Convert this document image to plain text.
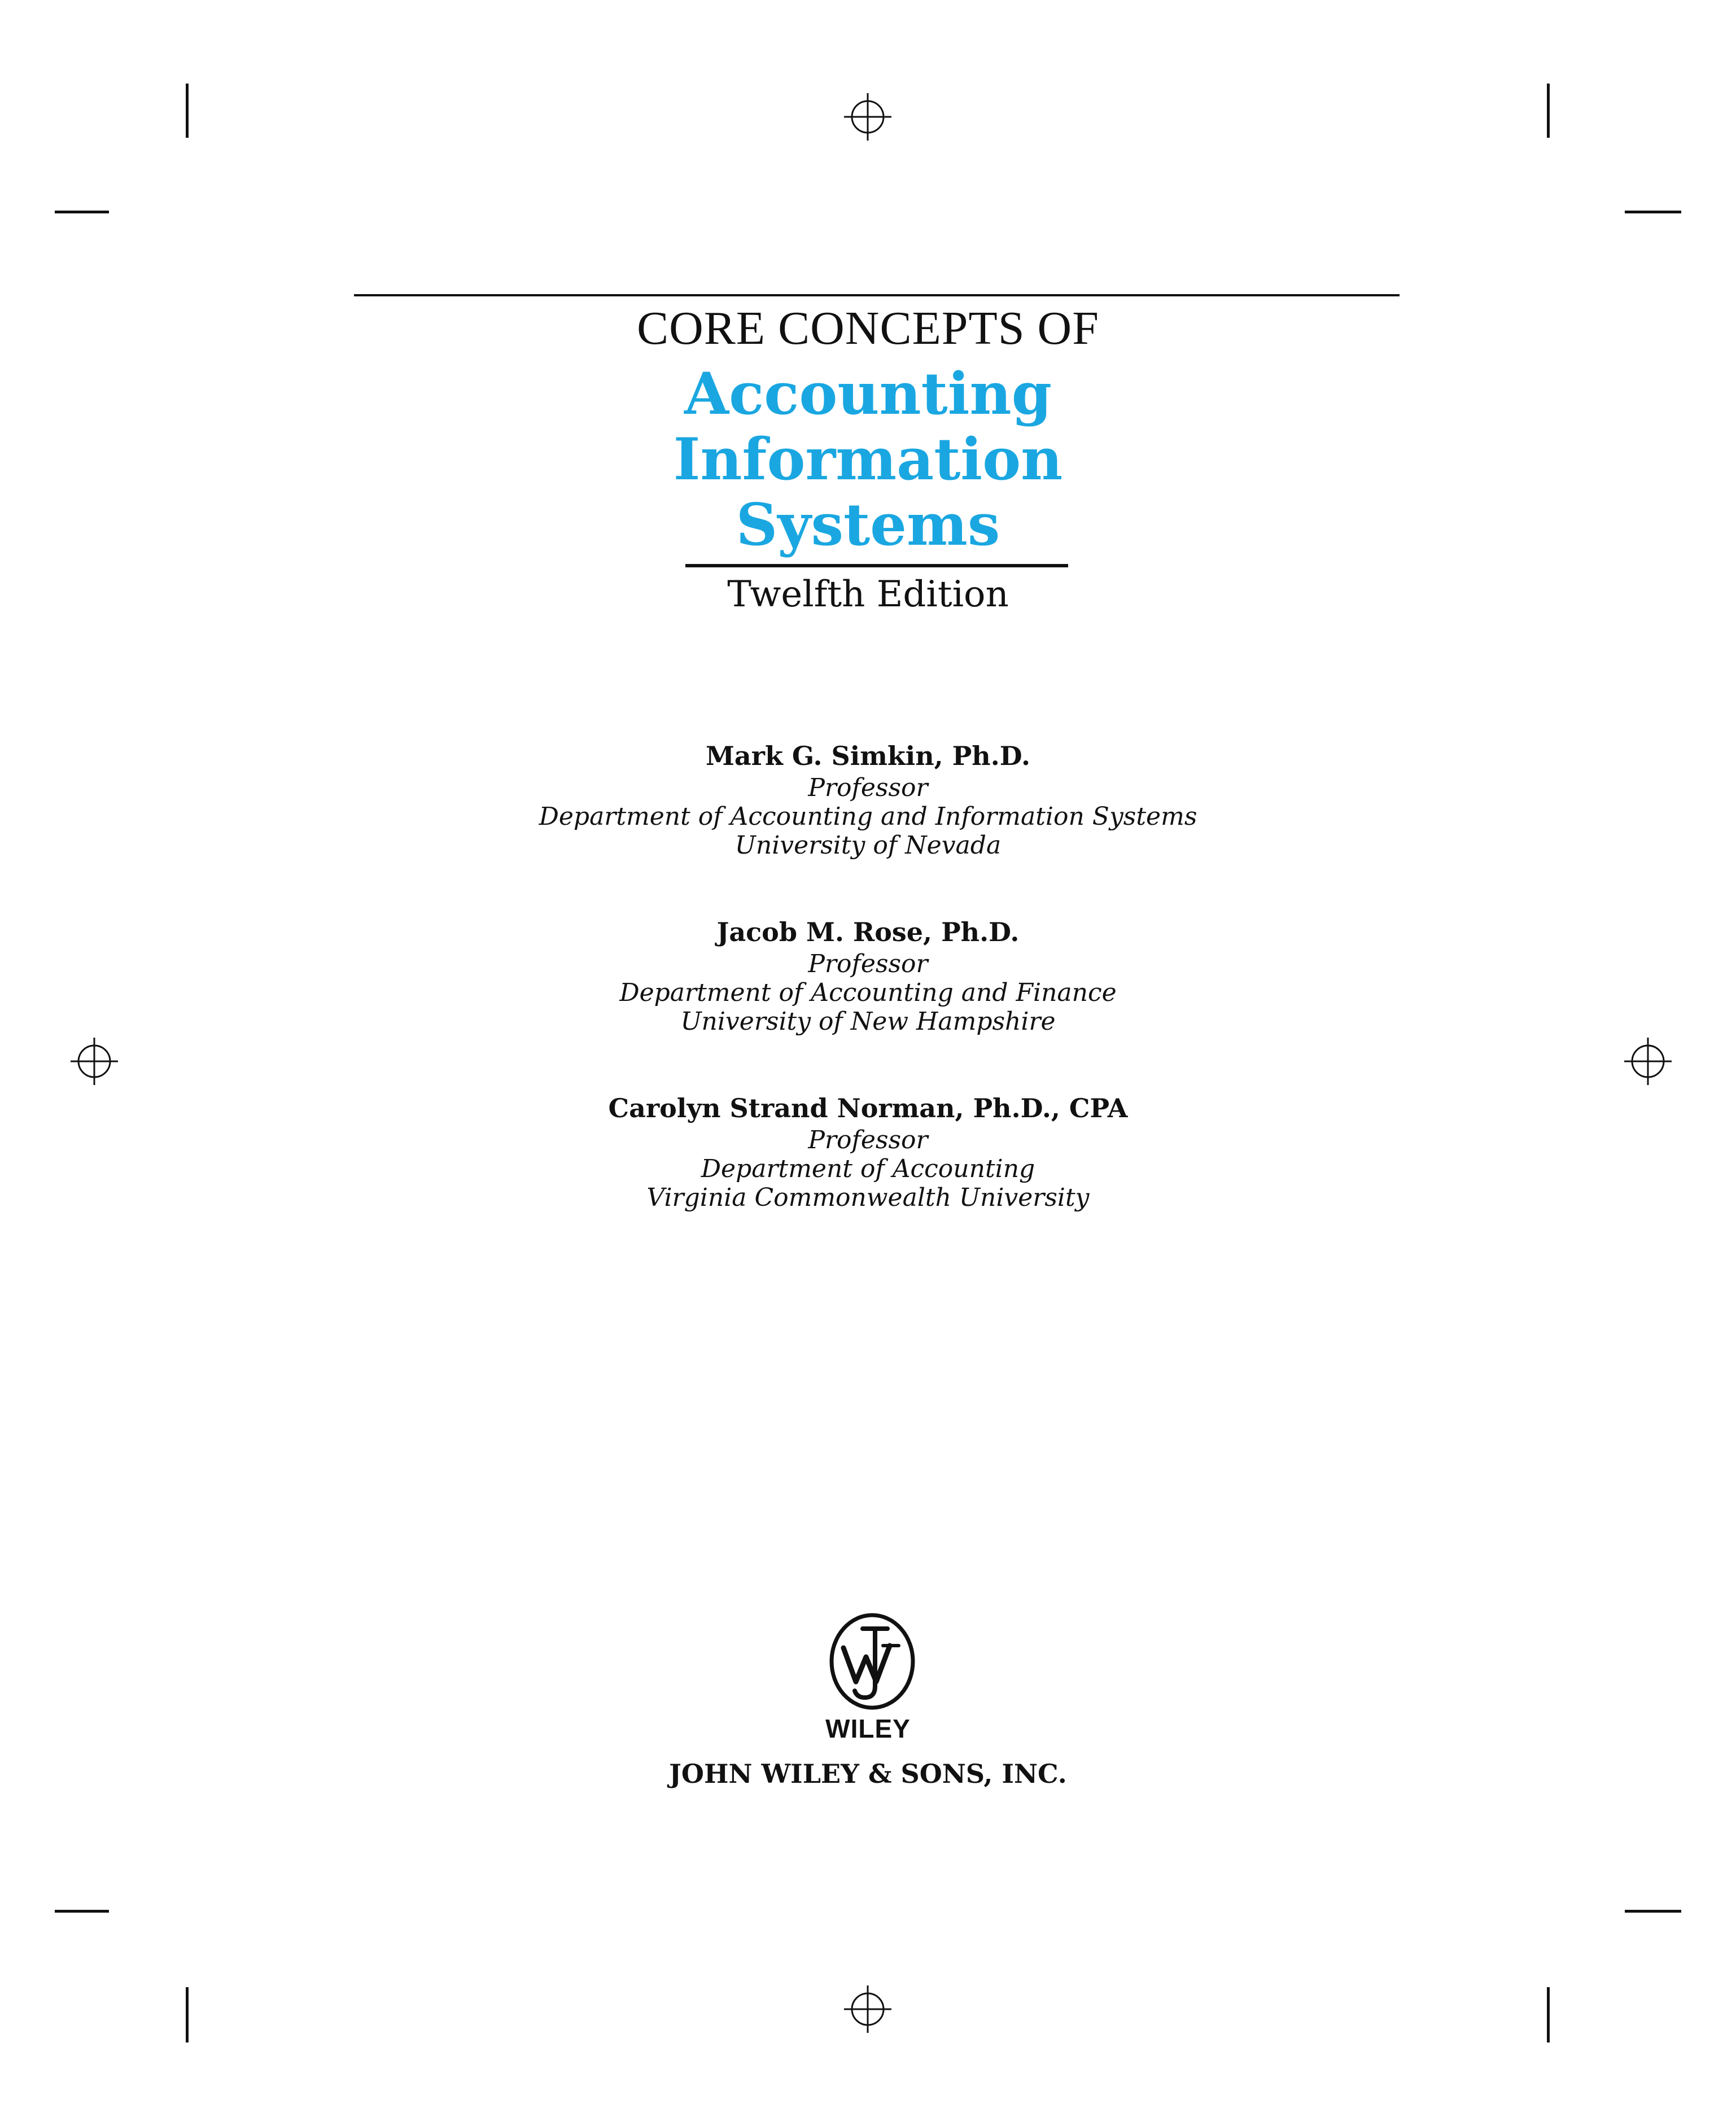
CORE CONCEPTS OF
Accounting
Information
Systems
Twelfth Edition

Mark G. Simkin, Ph.D.

Professor

Department of Accounting and Information Systems

University of Nevada

Jacob M. Rose, Ph.D.

Professor

Department of Accounting and Finance

University of New Hampshire

Carolyn Strand Norman, Ph.D., CPA

Professor

Department of Accounting

Virginia Commonwealth University

WILEY
JOHN WILEY & SONS, INC.
